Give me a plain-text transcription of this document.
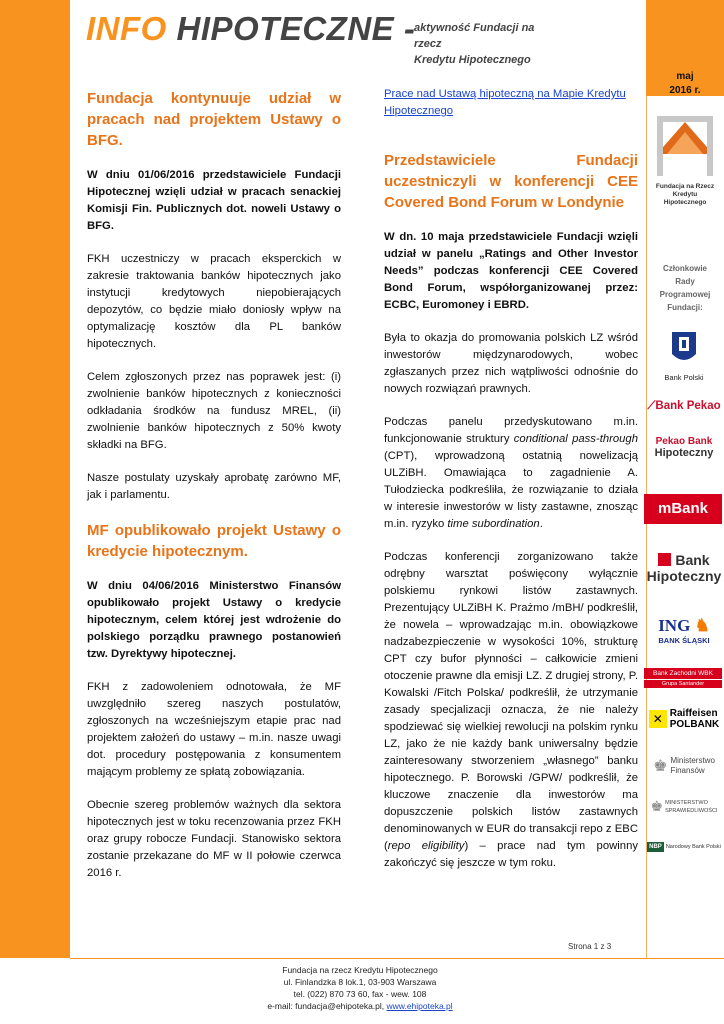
INFO HIPOTECZNE -
aktywność Fundacji na rzecz
Kredytu Hipotecznego
maj
2016 r.
Fundacja na Rzecz
Kredytu Hipotecznego
Członkowie
Rady
Programowej
Fundacji:
Bank Polski
⟋Bank Pekao
Pekao Bank
Hipoteczny
mBank
Bank
Hipoteczny
ING ♞
BANK ŚLĄSKI
Bank Zachodni WBK
Grupa Santander
✕ Raiffeisen
POLBANK
♚ Ministerstwo
Finansów
♚ MINISTERSTWO
SPRAWIEDLIWOŚCI
NBP Narodowy Bank Polski
Fundacja kontynuuje udział w pracach nad projektem Ustawy o BFG.

W dniu 01/06/2016 przedstawiciele Fundacji Hipotecznej wzięli udział w pracach senackiej Komisji Fin. Publicznych dot. noweli Ustawy o BFG.

FKH uczestniczy w pracach eksperckich w zakresie traktowania banków hipotecznych jako instytucji kredytowych niepobierających depozytów, co będzie miało doniosły wpływ na optymalizację kosztów dla PL banków hipotecznych.

Celem zgłoszonych przez nas poprawek jest: (i) zwolnienie banków hipotecznych z konieczności odkładania środków na fundusz MREL, (ii) zwolnienie banków hipotecznych z 50% kwoty składki na BFG.

Nasze postulaty uzyskały aprobatę zarówno MF, jak i parlamentu.

MF opublikowało projekt Ustawy o kredycie hipotecznym.

W dniu 04/06/2016 Ministerstwo Finansów opublikowało projekt Ustawy o kredycie hipotecznym, celem której jest wdrożenie do polskiego porządku prawnego postanowień tzw. Dyrektywy hipotecznej.

FKH z zadowoleniem odnotowała, że MF uwzględniło szereg naszych postulatów, zgłoszonych na wcześniejszym etapie prac nad projektem założeń do ustawy – m.in. nasze uwagi dot. procedury postępowania z konsumentem mającym problemy ze spłatą zobowiązania.

Obecnie szereg problemów ważnych dla sektora hipotecznych jest w toku recenzowania przez FKH oraz grupy robocze Fundacji. Stanowisko sektora zostanie przekazane do MF w II połowie czerwca 2016 r.

Prace nad Ustawą hipoteczną na Mapie Kredytu Hipotecznego

Przedstawiciele Fundacji uczestniczyli w konferencji CEE Covered Bond Forum w Londynie

W dn. 10 maja przedstawiciele Fundacji wzięli udział w panelu „Ratings and Other Investor Needs” podczas konferencji CEE Covered Bond Forum, współorganizowanej przez: ECBC, Euromoney i EBRD.

Była to okazja do promowania polskich LZ wśród inwestorów międzynarodowych, wobec zgłaszanych przez nich wątpliwości odnośnie do nowych rozwiązań prawnych.

Podczas panelu przedyskutowano m.in. funkcjonowanie struktury conditional pass-through (CPT), wprowadzoną ostatnią nowelizacją ULZiBH. Omawiająca to zagadnienie A. Tułodziecka podkreśliła, że rozwiązanie to działa w interesie inwestorów w listy zastawne, znosząc m.in. ryzyko time subordination.

Podczas konferencji zorganizowano także odrębny warsztat poświęcony wyłącznie polskiemu rynkowi listów zastawnych. Prezentujący ULZiBH K. Prażmo /mBH/ podkreślił, że nowela – wprowadzając m.in. obowiązkowe nadzabezpieczenie w wysokości 10%, strukturę CPT czy bufor płynności – całkowicie zmieni otoczenie prawne dla emisji LZ. Z drugiej strony, P. Kowalski /Fitch Polska/ podkreślił, że utrzymanie zasady specjalizacji oznacza, że nie należy spodziewać się wielkiej rewolucji na polskim rynku LZ, jako że nie każdy bank uniwersalny będzie zainteresowany stworzeniem „własnego” banku hipotecznego. P. Borowski /GPW/ podkreślił, że kluczowe znaczenie dla inwestorów ma dopuszczenie polskich listów zastawnych denominowanych w EUR do transakcji repo z EBC (repo eligibility) – prace nad tym powinny zakończyć się jeszcze w tym roku.

Strona 1 z 3
Fundacja na rzecz Kredytu Hipotecznego
ul. Finlandzka 8 lok.1, 03-903 Warszawa
tel. (022) 870 73 60, fax - wew. 108
e-mail: fundacja@ehipoteka.pl, www.ehipoteka.pl
